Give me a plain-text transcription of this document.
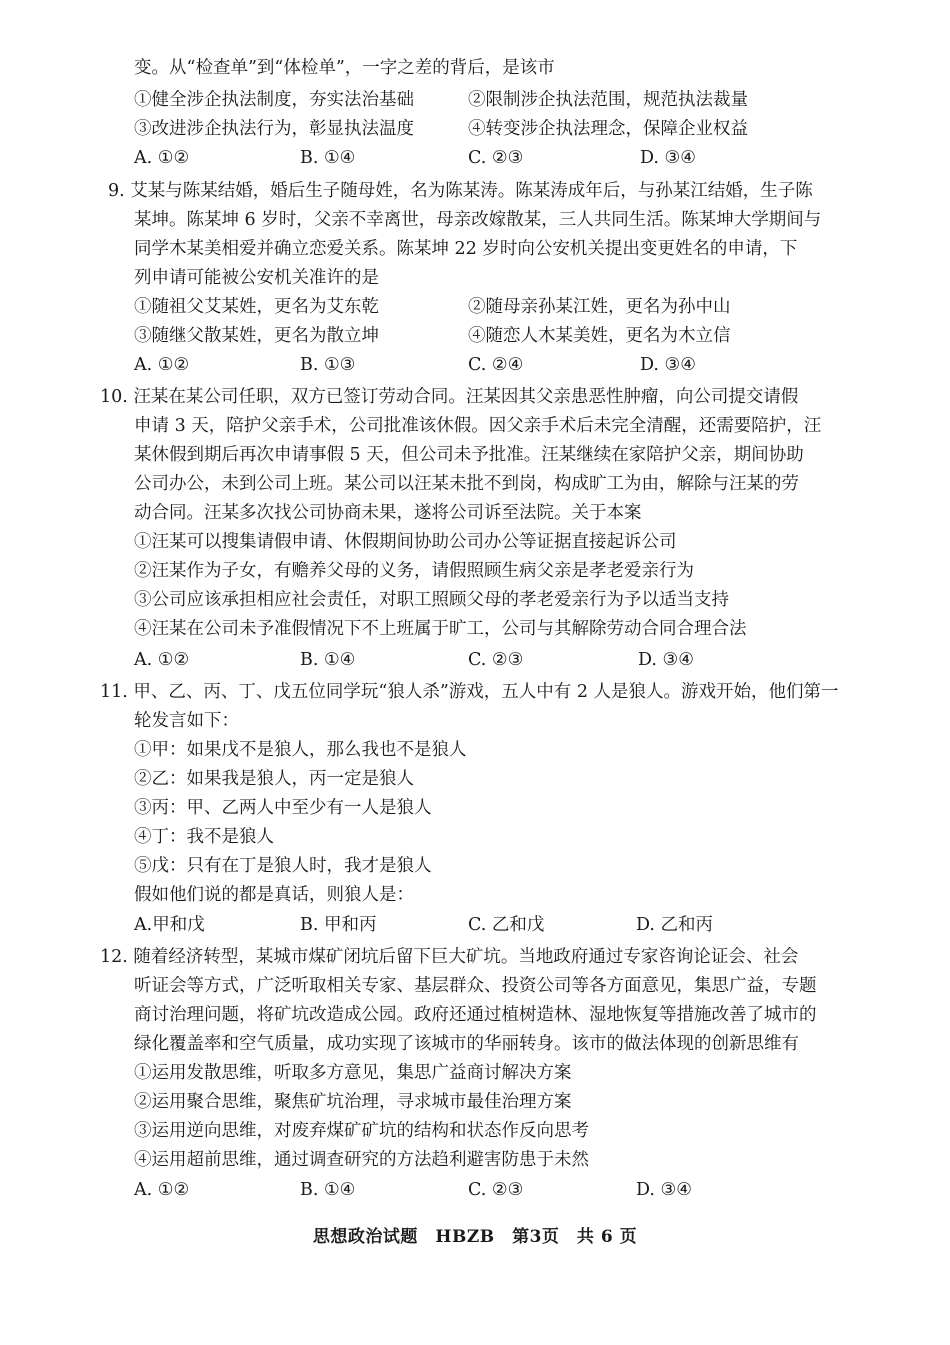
变。从“检查单”到“体检单”，一字之差的背后，是该市
①健全涉企执法制度，夯实法治基础	②限制涉企执法范围，规范执法裁量
③改进涉企执法行为，彰显执法温度	④转变涉企执法理念，保障企业权益
A. ①②	B. ①④	C. ②③	D. ③④
9. 艾某与陈某结婚，婚后生子随母姓，名为陈某涛。陈某涛成年后，与孙某江结婚，生子陈
某坤。陈某坤 6 岁时，父亲不幸离世，母亲改嫁散某，三人共同生活。陈某坤大学期间与
同学木某美相爱并确立恋爱关系。陈某坤 22 岁时向公安机关提出变更姓名的申请，下
列申请可能被公安机关准许的是
①随祖父艾某姓，更名为艾东乾	②随母亲孙某江姓，更名为孙中山
③随继父散某姓，更名为散立坤	④随恋人木某美姓，更名为木立信
A. ①②	B. ①③	C. ②④	D. ③④
10. 汪某在某公司任职，双方已签订劳动合同。汪某因其父亲患恶性肿瘤，向公司提交请假
申请 3 天，陪护父亲手术，公司批准该休假。因父亲手术后未完全清醒，还需要陪护，汪
某休假到期后再次申请事假 5 天，但公司未予批准。汪某继续在家陪护父亲，期间协助
公司办公，未到公司上班。某公司以汪某未批不到岗，构成旷工为由，解除与汪某的劳
动合同。汪某多次找公司协商未果，遂将公司诉至法院。关于本案
①汪某可以搜集请假申请、休假期间协助公司办公等证据直接起诉公司
②汪某作为子女，有赡养父母的义务，请假照顾生病父亲是孝老爱亲行为
③公司应该承担相应社会责任，对职工照顾父母的孝老爱亲行为予以适当支持
④汪某在公司未予准假情况下不上班属于旷工，公司与其解除劳动合同合理合法
A. ①②	B. ①④	C. ②③	D. ③④
11. 甲、乙、丙、丁、戊五位同学玩“狼人杀”游戏，五人中有 2 人是狼人。游戏开始，他们第一
轮发言如下：
①甲：如果戊不是狼人，那么我也不是狼人
②乙：如果我是狼人，丙一定是狼人
③丙：甲、乙两人中至少有一人是狼人
④丁：我不是狼人
⑤戊：只有在丁是狼人时，我才是狼人
假如他们说的都是真话，则狼人是：
A.甲和戊	B. 甲和丙	C. 乙和戊	D. 乙和丙
12. 随着经济转型，某城市煤矿闭坑后留下巨大矿坑。当地政府通过专家咨询论证会、社会
听证会等方式，广泛听取相关专家、基层群众、投资公司等各方面意见，集思广益，专题
商讨治理问题，将矿坑改造成公园。政府还通过植树造林、湿地恢复等措施改善了城市的
绿化覆盖率和空气质量，成功实现了该城市的华丽转身。该市的做法体现的创新思维有
①运用发散思维，听取多方意见，集思广益商讨解决方案
②运用聚合思维，聚焦矿坑治理，寻求城市最佳治理方案
③运用逆向思维，对废弃煤矿矿坑的结构和状态作反向思考
④运用超前思维，通过调查研究的方法趋利避害防患于未然
A. ①②	B. ①④	C. ②③	D. ③④
思想政治试题　HBZB　第3页　共 6 页
